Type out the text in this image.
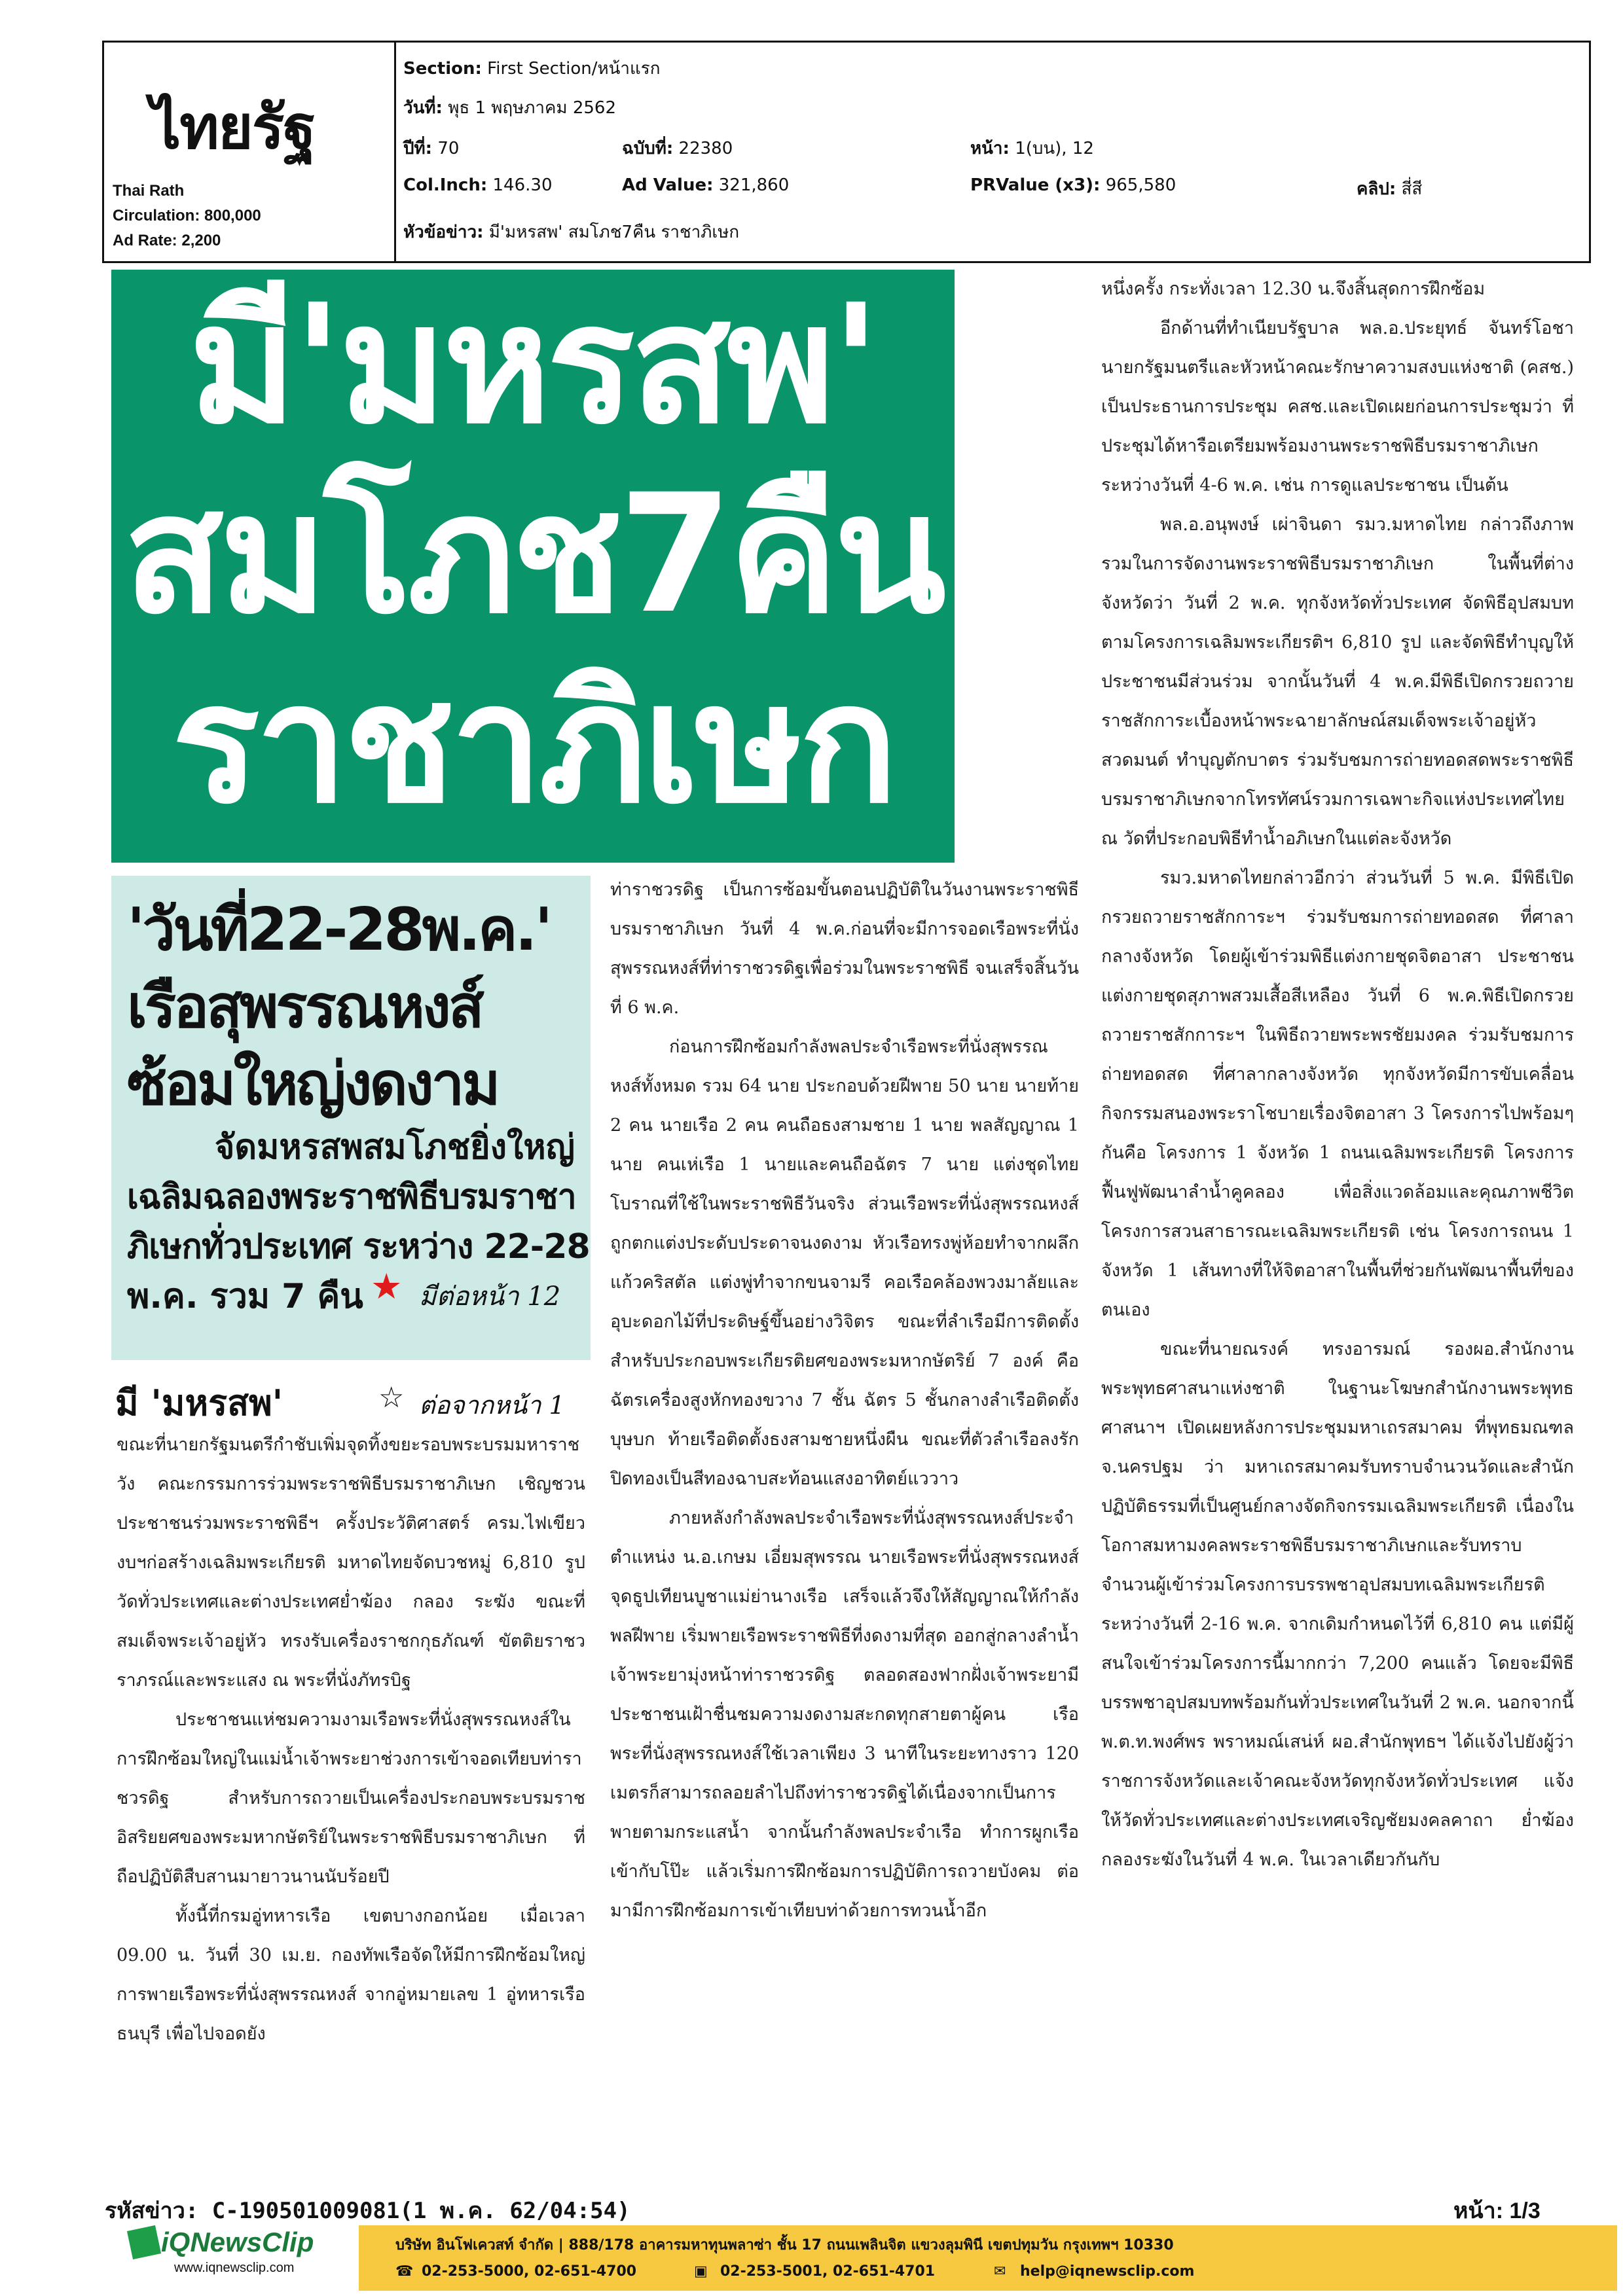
ไทยรัฐ
Thai Rath
Circulation: 800,000
Ad Rate: 2,200
Section: First Section/หน้าแรก
วันที่: พุธ 1 พฤษภาคม 2562
ปีที่: 70	ฉบับที่: 22380	หน้า: 1(บน), 12
Col.Inch: 146.30	Ad Value: 321,860	PRValue (x3): 965,580	คลิป: สี่สี
หัวข้อข่าว: มี'มหรสพ' สมโภช7คืน ราชาภิเษก
มี'มหรสพ'
สมโภช7คืน
ราชาภิเษก
'วันที่22-28พ.ค.'
เรือสุพรรณหงส์
ซ้อมใหญ่งดงาม
จัดมหรสพสมโภชยิ่งใหญ่
เฉลิมฉลองพระราชพิธีบรมราชา
ภิเษกทั่วประเทศ ระหว่าง 22-28
พ.ค. รวม 7 คืน ★ มีต่อหน้า 12
มี 'มหรสพ'	☆ ต่อจากหน้า 1

ขณะที่นายกรัฐมนตรีกำชับเพิ่มจุดทิ้งขยะรอบพระบรมมหาราชวัง คณะกรรมการร่วมพระราชพิธีบรมราชาภิเษก เชิญชวนประชาชนร่วมพระราชพิธีฯ ครั้งประวัติศาสตร์ ครม.ไฟเขียวงบฯก่อสร้างเฉลิมพระเกียรติ มหาดไทยจัดบวชหมู่ 6,810 รูป วัดทั่วประเทศและต่างประเทศย่ำฆ้อง กลอง ระฆัง ขณะที่สมเด็จพระเจ้าอยู่หัว ทรงรับเครื่องราชกกุธภัณฑ์ ขัตติยราชวราภรณ์และพระแสง ณ พระที่นั่งภัทรบิฐ

ประชาชนแห่ชมความงามเรือพระที่นั่งสุพรรณหงส์ในการฝึกซ้อมใหญ่ในแม่น้ำเจ้าพระยาช่วงการเข้าจอดเทียบท่าราชวรดิฐ สำหรับการถวายเป็นเครื่องประกอบพระบรมราชอิสริยยศของพระมหากษัตริย์ในพระราชพิธีบรมราชาภิเษก ที่ถือปฏิบัติสืบสานมายาวนานนับร้อยปี

ทั้งนี้ที่กรมอู่ทหารเรือ เขตบางกอกน้อย เมื่อเวลา 09.00 น. วันที่ 30 เม.ย. กองทัพเรือจัดให้มีการฝึกซ้อมใหญ่การพายเรือพระที่นั่งสุพรรณหงส์ จากอู่หมายเลข 1 อู่ทหารเรือธนบุรี เพื่อไปจอดยัง

ท่าราชวรดิฐ เป็นการซ้อมขั้นตอนปฏิบัติในวันงานพระราชพิธีบรมราชาภิเษก วันที่ 4 พ.ค.ก่อนที่จะมีการจอดเรือพระที่นั่งสุพรรณหงส์ที่ท่าราชวรดิฐเพื่อร่วมในพระราชพิธี จนเสร็จสิ้นวันที่ 6 พ.ค.

ก่อนการฝึกซ้อมกำลังพลประจำเรือพระที่นั่งสุพรรณหงส์ทั้งหมด รวม 64 นาย ประกอบด้วยฝีพาย 50 นาย นายท้าย 2 คน นายเรือ 2 คน คนถือธงสามชาย 1 นาย พลสัญญาณ 1 นาย คนเห่เรือ 1 นายและคนถือฉัตร 7 นาย แต่งชุดไทยโบราณที่ใช้ในพระราชพิธีวันจริง ส่วนเรือพระที่นั่งสุพรรณหงส์ถูกตกแต่งประดับประดาจนงดงาม หัวเรือทรงพู่ห้อยทำจากผลึกแก้วคริสตัล แต่งพู่ทำจากขนจามรี คอเรือคล้องพวงมาลัยและอุบะดอกไม้ที่ประดิษฐ์ขึ้นอย่างวิจิตร ขณะที่ลำเรือมีการติดตั้ง สำหรับประกอบพระเกียรติยศของพระมหากษัตริย์ 7 องค์ คือฉัตรเครื่องสูงหักทองขวาง 7 ชั้น ฉัตร 5 ชั้นกลางลำเรือติดตั้งบุษบก ท้ายเรือติดตั้งธงสามชายหนึ่งผืน ขณะที่ตัวลำเรือลงรักปิดทองเป็นสีทองฉาบสะท้อนแสงอาทิตย์แววาว

ภายหลังกำลังพลประจำเรือพระที่นั่งสุพรรณหงส์ประจำตำแหน่ง น.อ.เกษม เอี่ยมสุพรรณ นายเรือพระที่นั่งสุพรรณหงส์ จุดธูปเทียนบูชาแม่ย่านางเรือ เสร็จแล้วจึงให้สัญญาณให้กำลังพลฝีพาย เริ่มพายเรือพระราชพิธีที่งดงามที่สุด ออกสู่กลางลำน้ำเจ้าพระยามุ่งหน้าท่าราชวรดิฐ ตลอดสองฟากฝั่งเจ้าพระยามีประชาชนเฝ้าชื่นชมความงดงามสะกดทุกสายตาผู้คน เรือพระที่นั่งสุพรรณหงส์ใช้เวลาเพียง 3 นาทีในระยะทางราว 120 เมตรก็สามารถลอยลำไปถึงท่าราชวรดิฐได้เนื่องจากเป็นการพายตามกระแสน้ำ จากนั้นกำลังพลประจำเรือ ทำการผูกเรือเข้ากับโป๊ะ แล้วเริ่มการฝึกซ้อมการปฏิบัติการถวายบังคม ต่อมามีการฝึกซ้อมการเข้าเทียบท่าด้วยการทวนน้ำอีก

หนึ่งครั้ง กระทั่งเวลา 12.30 น.จึงสิ้นสุดการฝึกซ้อม

อีกด้านที่ทำเนียบรัฐบาล พล.อ.ประยุทธ์ จันทร์โอชา นายกรัฐมนตรีและหัวหน้าคณะรักษาความสงบแห่งชาติ (คสช.) เป็นประธานการประชุม คสช.และเปิดเผยก่อนการประชุมว่า ที่ประชุมได้หารือเตรียมพร้อมงานพระราชพิธีบรมราชาภิเษก ระหว่างวันที่ 4-6 พ.ค. เช่น การดูแลประชาชน เป็นต้น

พล.อ.อนุพงษ์ เผ่าจินดา รมว.มหาดไทย กล่าวถึงภาพรวมในการจัดงานพระราชพิธีบรมราชาภิเษก ในพื้นที่ต่างจังหวัดว่า วันที่ 2 พ.ค. ทุกจังหวัดทั่วประเทศ จัดพิธีอุปสมบทตามโครงการเฉลิมพระเกียรติฯ 6,810 รูป และจัดพิธีทำบุญให้ประชาชนมีส่วนร่วม จากนั้นวันที่ 4 พ.ค.มีพิธีเปิดกรวยถวายราชสักการะเบื้องหน้าพระฉายาลักษณ์สมเด็จพระเจ้าอยู่หัว สวดมนต์ ทำบุญตักบาตร ร่วมรับชมการถ่ายทอดสดพระราชพิธีบรมราชาภิเษกจากโทรทัศน์รวมการเฉพาะกิจแห่งประเทศไทย ณ วัดที่ประกอบพิธีทำน้ำอภิเษกในแต่ละจังหวัด

รมว.มหาดไทยกล่าวอีกว่า ส่วนวันที่ 5 พ.ค. มีพิธีเปิดกรวยถวายราชสักการะฯ ร่วมรับชมการถ่ายทอดสด ที่ศาลากลางจังหวัด โดยผู้เข้าร่วมพิธีแต่งกายชุดจิตอาสา ประชาชนแต่งกายชุดสุภาพสวมเสื้อสีเหลือง วันที่ 6 พ.ค.พิธีเปิดกรวยถวายราชสักการะฯ ในพิธีถวายพระพรชัยมงคล ร่วมรับชมการถ่ายทอดสด ที่ศาลากลางจังหวัด ทุกจังหวัดมีการขับเคลื่อนกิจกรรมสนองพระราโชบายเรื่องจิตอาสา 3 โครงการไปพร้อมๆกันคือ โครงการ 1 จังหวัด 1 ถนนเฉลิมพระเกียรติ โครงการฟื้นฟูพัฒนาลำน้ำคูคลอง เพื่อสิ่งแวดล้อมและคุณภาพชีวิต โครงการสวนสาธารณะเฉลิมพระเกียรติ เช่น โครงการถนน 1 จังหวัด 1 เส้นทางที่ให้จิตอาสาในพื้นที่ช่วยกันพัฒนาพื้นที่ของตนเอง

ขณะที่นายณรงค์ ทรงอารมณ์ รองผอ.สำนักงานพระพุทธศาสนาแห่งชาติ ในฐานะโฆษกสำนักงานพระพุทธศาสนาฯ เปิดเผยหลังการประชุมมหาเถรสมาคม ที่พุทธมณฑล จ.นครปฐม ว่า มหาเถรสมาคมรับทราบจำนวนวัดและสำนักปฏิบัติธรรมที่เป็นศูนย์กลางจัดกิจกรรมเฉลิมพระเกียรติ เนื่องในโอกาสมหามงคลพระราชพิธีบรมราชาภิเษกและรับทราบจำนวนผู้เข้าร่วมโครงการบรรพชาอุปสมบทเฉลิมพระเกียรติ ระหว่างวันที่ 2-16 พ.ค. จากเดิมกำหนดไว้ที่ 6,810 คน แต่มีผู้สนใจเข้าร่วมโครงการนี้มากกว่า 7,200 คนแล้ว โดยจะมีพิธีบรรพชาอุปสมบทพร้อมกันทั่วประเทศในวันที่ 2 พ.ค. นอกจากนี้ พ.ต.ท.พงศ์พร พราหมณ์เสน่ห์ ผอ.สำนักพุทธฯ ได้แจ้งไปยังผู้ว่าราชการจังหวัดและเจ้าคณะจังหวัดทุกจังหวัดทั่วประเทศ แจ้งให้วัดทั่วประเทศและต่างประเทศเจริญชัยมงคลคาถา ย่ำฆ้องกลองระฆังในวันที่ 4 พ.ค. ในเวลาเดียวกันกับ

รหัสข่าว: C-190501009081(1 พ.ค. 62/04:54)	หน้า: 1/3
iQNewsClip
www.iqnewsclip.com
บริษัท อินโฟเควสท์ จำกัด | 888/178 อาคารมหาทุนพลาซ่า ชั้น 17 ถนนเพลินจิต แขวงลุมพินี เขตปทุมวัน กรุงเทพฯ 10330
☎ 02-253-5000, 02-651-4700	▣ 02-253-5001, 02-651-4701	✉ help@iqnewsclip.com
